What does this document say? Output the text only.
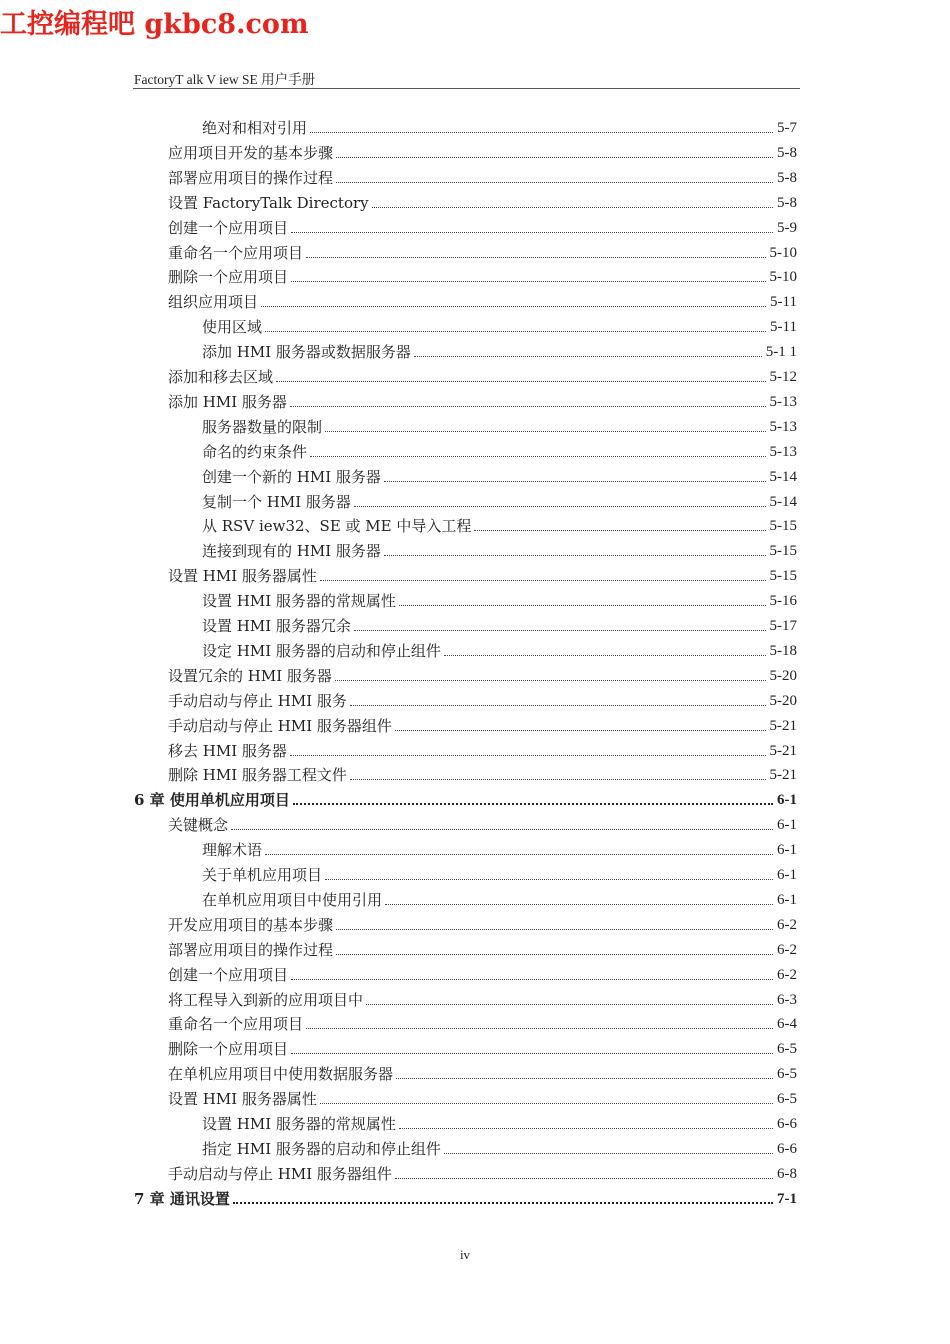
工控编程吧 gkbc8.com
FactoryT alk V iew SE 用户手册
绝对和相对引用	5-7
应用项目开发的基本步骤	5-8
部署应用项目的操作过程	5-8
设置 FactoryTalk Directory	5-8
创建一个应用项目	5-9
重命名一个应用项目	5-10
删除一个应用项目	5-10
组织应用项目	5-11
使用区域	5-11
添加 HMI 服务器或数据服务器	5-1 1
添加和移去区域	5-12
添加 HMI 服务器	5-13
服务器数量的限制	5-13
命名的约束条件	5-13
创建一个新的 HMI 服务器	5-14
复制一个 HMI 服务器	5-14
从 RSV iew32、SE 或 ME 中导入工程	5-15
连接到现有的 HMI 服务器	5-15
设置 HMI 服务器属性	5-15
设置 HMI 服务器的常规属性	5-16
设置 HMI 服务器冗余	5-17
设定 HMI 服务器的启动和停止组件	5-18
设置冗余的 HMI 服务器	5-20
手动启动与停止 HMI 服务	5-20
手动启动与停止 HMI 服务器组件	5-21
移去 HMI 服务器	5-21
删除 HMI 服务器工程文件	5-21
6 章 使用单机应用项目	6-1
关键概念	6-1
理解术语	6-1
关于单机应用项目	6-1
在单机应用项目中使用引用	6-1
开发应用项目的基本步骤	6-2
部署应用项目的操作过程	6-2
创建一个应用项目	6-2
将工程导入到新的应用项目中	6-3
重命名一个应用项目	6-4
删除一个应用项目	6-5
在单机应用项目中使用数据服务器	6-5
设置 HMI 服务器属性	6-5
设置 HMI 服务器的常规属性	6-6
指定 HMI 服务器的启动和停止组件	6-6
手动启动与停止 HMI 服务器组件	6-8
7 章 通讯设置	7-1
iv
